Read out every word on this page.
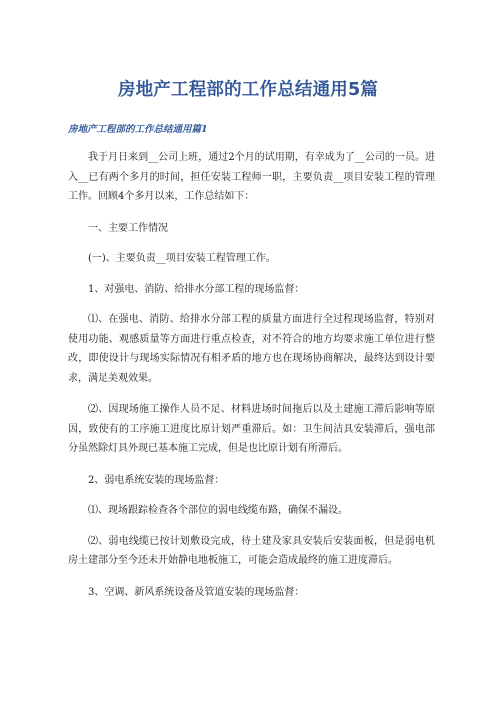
房地产工程部的工作总结通用5篇
房地产工程部的工作总结通用篇1

我于月日来到__公司上班，通过2个月的试用期，有幸成为了__公司的一员。进入__已有两个多月的时间，担任安装工程师一职，主要负责__项目安装工程的管理工作。回顾4个多月以来，工作总结如下：

一、主要工作情况

(一)、主要负责__项目安装工程管理工作。

1、对强电、消防、给排水分部工程的现场监督：

⑴、在强电、消防、给排水分部工程的质量方面进行全过程现场监督，特别对使用功能、观感质量等方面进行重点检查，对不符合的地方均要求施工单位进行整改，即使设计与现场实际情况有相矛盾的地方也在现场协商解决，最终达到设计要求，满足美观效果。

⑵、因现场施工操作人员不足、材料进场时间拖后以及土建施工滞后影响等原因，致使有的工序施工进度比原计划严重滞后。如：卫生间洁具安装滞后，强电部分虽然除灯具外现已基本施工完成，但是也比原计划有所滞后。

2、弱电系统安装的现场监督：

⑴、现场跟踪检查各个部位的弱电线缆布路，确保不漏设。

⑵、弱电线缆已按计划敷设完成，待土建及家具安装后安装面板，但是弱电机房土建部分至今还未开始静电地板施工，可能会造成最终的施工进度滞后。

3、空调、新风系统设备及管道安装的现场监督：
